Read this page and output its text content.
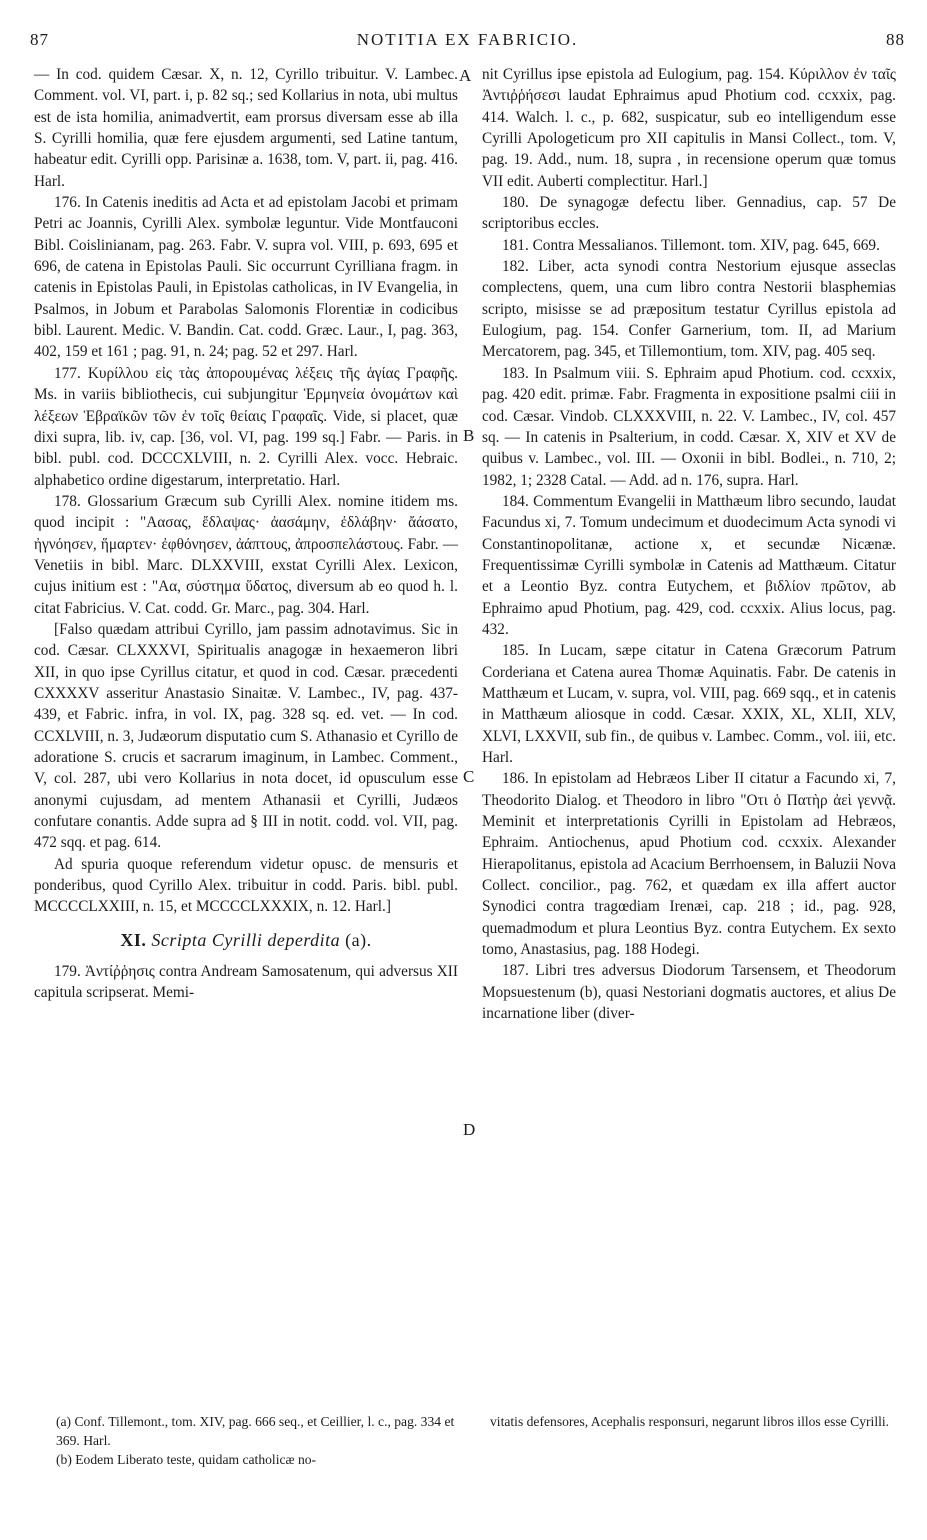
87	NOTITIA EX FABRICIO.	88
A
B
C
D

— In cod. quidem Cæsar. X, n. 12, Cyrillo tribuitur. V. Lambec. Comment. vol. VI, part. i, p. 82 sq.; sed Kollarius in nota, ubi multus est de ista homilia, animadvertit, eam prorsus diversam esse ab illa S. Cyrilli homilia, quæ fere ejusdem argumenti, sed Latine tantum, habeatur edit. Cyrilli opp. Parisinæ a. 1638, tom. V, part. ii, pag. 416. Harl.

176. In Catenis ineditis ad Acta et ad epistolam Jacobi et primam Petri ac Joannis, Cyrilli Alex. symbolæ leguntur. Vide Montfauconi Bibl. Coislinianam, pag. 263. Fabr. V. supra vol. VIII, p. 693, 695 et 696, de catena in Epistolas Pauli. Sic occurrunt Cyrilliana fragm. in catenis in Epistolas Pauli, in Epistolas catholicas, in IV Evangelia, in Psalmos, in Jobum et Parabolas Salomonis Florentiæ in codicibus bibl. Laurent. Medic. V. Bandin. Cat. codd. Græc. Laur., I, pag. 363, 402, 159 et 161 ; pag. 91, n. 24; pag. 52 et 297. Harl.

177. Κυρίλλου εἰς τὰς ἀπορουμένας λέξεις τῆς ἁγίας Γραφῆς. Ms. in variis bibliothecis, cui subjungitur Ἑρμηνεία ὀνομάτων καὶ λέξεων Ἑβραϊκῶν τῶν ἐν τοῖς θείαις Γραφαῖς. Vide, si placet, quæ dixi supra, lib. iv, cap. [36, vol. VI, pag. 199 sq.] Fabr. — Paris. in bibl. publ. cod. DCCCXLVIII, n. 2. Cyrilli Alex. vocc. Hebraic. alphabetico ordine digestarum, interpretatio. Harl.

178. Glossarium Græcum sub Cyrilli Alex. nomine itidem ms. quod incipit : "Αασας, ἔδλαψας· ἀασάμην, ἐδλάβην· ἄάσατο, ἠγνόησεν, ἥμαρτεν· ἐφθόνησεν, ἀάπτους, ἀπροσπελάστους. Fabr. —Venetiis in bibl. Marc. DLXXVIII, exstat Cyrilli Alex. Lexicon, cujus initium est : "Αα, σύστημα ὕδατος, diversum ab eo quod h. l. citat Fabricius. V. Cat. codd. Gr. Marc., pag. 304. Harl.

[Falso quædam attribui Cyrillo, jam passim adnotavimus. Sic in cod. Cæsar. CLXXXVI, Spiritualis anagogæ in hexaemeron libri XII, in quo ipse Cyrillus citatur, et quod in cod. Cæsar. præcedenti CXXXXV asseritur Anastasio Sinaitæ. V. Lambec., IV, pag. 437-439, et Fabric. infra, in vol. IX, pag. 328 sq. ed. vet. — In cod. CCXLVIII, n. 3, Judæorum disputatio cum S. Athanasio et Cyrillo de adoratione S. crucis et sacrarum imaginum, in Lambec. Comment., V, col. 287, ubi vero Kollarius in nota docet, id opusculum esse anonymi cujusdam, ad mentem Athanasii et Cyrilli, Judæos confutare conantis. Adde supra ad § III in notit. codd. vol. VII, pag. 472 sqq. et pag. 614.

Ad spuria quoque referendum videtur opusc. de mensuris et ponderibus, quod Cyrillo Alex. tribuitur in codd. Paris. bibl. publ. MCCCCLXXIII, n. 15, et MCCCCLXXXIX, n. 12. Harl.]

XI. Scripta Cyrilli deperdita (a).

179. Ἀντίῤῥησις contra Andream Samosatenum, qui adversus XII capitula scripserat. Memi-

nit Cyrillus ipse epistola ad Eulogium, pag. 154. Κύριλλον ἐν ταῖς Ἀντιῤῥήσεσι laudat Ephraimus apud Photium cod. ccxxix, pag. 414. Walch. l. c., p. 682, suspicatur, sub eo intelligendum esse Cyrilli Apologeticum pro XII capitulis in Mansi Collect., tom. V, pag. 19. Add., num. 18, supra , in recensione operum quæ tomus VII edit. Auberti complectitur. Harl.]

180. De synagogæ defectu liber. Gennadius, cap. 57 De scriptoribus eccles.

181. Contra Messalianos. Tillemont. tom. XIV, pag. 645, 669.

182. Liber, acta synodi contra Nestorium ejusque asseclas complectens, quem, una cum libro contra Nestorii blasphemias scripto, misisse se ad præpositum testatur Cyrillus epistola ad Eulogium, pag. 154. Confer Garnerium, tom. II, ad Marium Mercatorem, pag. 345, et Tillemontium, tom. XIV, pag. 405 seq.

183. In Psalmum viii. S. Ephraim apud Photium. cod. ccxxix, pag. 420 edit. primæ. Fabr. Fragmenta in expositione psalmi ciii in cod. Cæsar. Vindob. CLXXXVIII, n. 22. V. Lambec., IV, col. 457 sq. — In catenis in Psalterium, in codd. Cæsar. X, XIV et XV de quibus v. Lambec., vol. III. — Oxonii in bibl. Bodlei., n. 710, 2; 1982, 1; 2328 Catal. — Add. ad n. 176, supra. Harl.

184. Commentum Evangelii in Matthæum libro secundo, laudat Facundus xi, 7. Tomum undecimum et duodecimum Acta synodi vi Constantinopolitanæ, actione x, et secundæ Nicænæ. Frequentissimæ Cyrilli symbolæ in Catenis ad Matthæum. Citatur et a Leontio Byz. contra Eutychem, et βιδλίον πρῶτον, ab Ephraimo apud Photium, pag. 429, cod. ccxxix. Alius locus, pag. 432.

185. In Lucam, sæpe citatur in Catena Græcorum Patrum Corderiana et Catena aurea Thomæ Aquinatis. Fabr. De catenis in Matthæum et Lucam, v. supra, vol. VIII, pag. 669 sqq., et in catenis in Matthæum aliosque in codd. Cæsar. XXIX, XL, XLII, XLV, XLVI, LXXVII, sub fin., de quibus v. Lambec. Comm., vol. iii, etc. Harl.

186. In epistolam ad Hebræos Liber II citatur a Facundo xi, 7, Theodorito Dialog. et Theodoro in libro "Οτι ὁ Πατὴρ ἀεὶ γεννᾷ. Meminit et interpretationis Cyrilli in Epistolam ad Hebræos, Ephraim. Antiochenus, apud Photium cod. ccxxix. Alexander Hierapolitanus, epistola ad Acacium Berrhoensem, in Baluzii Nova Collect. concilior., pag. 762, et quædam ex illa affert auctor Synodici contra tragœdiam Irenæi, cap. 218 ; id., pag. 928, quemadmodum et plura Leontius Byz. contra Eutychem. Ex sexto tomo, Anastasius, pag. 188 Hodegi.

187. Libri tres adversus Diodorum Tarsensem, et Theodorum Mopsuestenum (b), quasi Nestoriani dogmatis auctores, et alius De incarnatione liber (diver-

(a) Conf. Tillemont., tom. XIV, pag. 666 seq., et Ceillier, l. c., pag. 334 et 369. Harl.

(b) Eodem Liberato teste, quidam catholicæ no-

vitatis defensores, Acephalis responsuri, negarunt libros illos esse Cyrilli.
